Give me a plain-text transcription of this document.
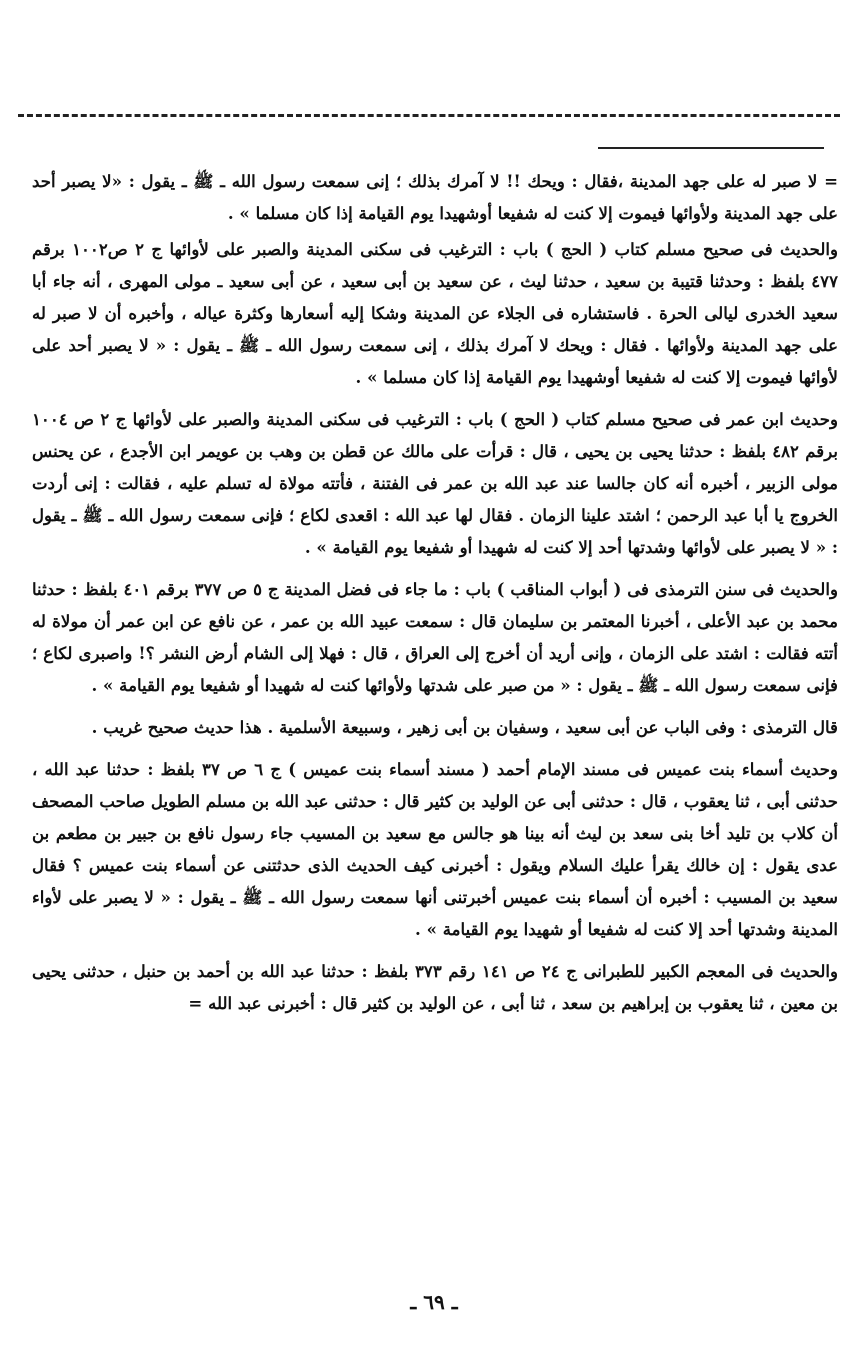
= لا صبر له على جهد المدينة ،فقال : ويحك !! لا آمرك بذلك ؛ إنى سمعت رسول الله ـ ﷺ ـ يقول : «لا يصبر أحد على جهد المدينة ولأوائها فيموت إلا كنت له شفيعا أوشهيدا يوم القيامة إذا كان مسلما » .

والحديث فى صحيح مسلم كتاب ( الحج ) باب : الترغيب فى سكنى المدينة والصبر على لأوائها ج ٢ ص١٠٠٢ برقم ٤٧٧ بلفظ : وحدثنا قتيبة بن سعيد ، حدثنا ليث ، عن سعيد بن أبى سعيد ، عن أبى سعيد ـ مولى المهرى ، أنه جاء أبا سعيد الخدرى ليالى الحرة . فاستشاره فى الجلاء عن المدينة وشكا إليه أسعارها وكثرة عياله ، وأخبره أن لا صبر له على جهد المدينة ولأوائها . فقال : ويحك لا آمرك بذلك ، إنى سمعت رسول الله ـ ﷺ ـ يقول : « لا يصبر أحد على لأوائها فيموت إلا كنت له شفيعا أوشهيدا يوم القيامة إذا كان مسلما » .

وحديث ابن عمر فى صحيح مسلم كتاب ( الحج ) باب : الترغيب فى سكنى المدينة والصبر على لأوائها ج ٢ ص ١٠٠٤ برقم ٤٨٢ بلفظ : حدثنا يحيى بن يحيى ، قال : قرأت على مالك عن قطن بن وهب بن عويمر ابن الأجدع ، عن يحنس مولى الزبير ، أخبره أنه كان جالسا عند عبد الله بن عمر فى الفتنة ، فأتته مولاة له تسلم عليه ، فقالت : إنى أردت الخروج يا أبا عبد الرحمن ؛ اشتد علينا الزمان . فقال لها عبد الله : اقعدى لكاع ؛ فإنى سمعت رسول الله ـ ﷺ ـ يقول : « لا يصبر على لأوائها وشدتها أحد إلا كنت له شهيدا أو شفيعا يوم القيامة » .

والحديث فى سنن الترمذى فى ( أبواب المناقب ) باب : ما جاء فى فضل المدينة ج ٥ ص ٣٧٧ برقم ٤٠١ بلفظ : حدثنا محمد بن عبد الأعلى ، أخبرنا المعتمر بن سليمان قال : سمعت عبيد الله بن عمر ، عن نافع عن ابن عمر أن مولاة له أتته فقالت : اشتد على الزمان ، وإنى أريد أن أخرج إلى العراق ، قال : فهلا إلى الشام أرض النشر ؟! واصبرى لكاع ؛ فإنى سمعت رسول الله ـ ﷺ ـ يقول : « من صبر على شدتها ولأوائها كنت له شهيدا أو شفيعا يوم القيامة » .

قال الترمذى : وفى الباب عن أبى سعيد ، وسفيان بن أبى زهير ، وسبيعة الأسلمية . هذا حديث صحيح غريب .

وحديث أسماء بنت عميس فى مسند الإمام أحمد ( مسند أسماء بنت عميس ) ج ٦ ص ٣٧ بلفظ : حدثنا عبد الله ، حدثنى أبى ، ثنا يعقوب ، قال : حدثنى أبى عن الوليد بن كثير قال : حدثنى عبد الله بن مسلم الطويل صاحب المصحف أن كلاب بن تليد أخا بنى سعد بن ليث أنه بينا هو جالس مع سعيد بن المسيب جاء رسول نافع بن جبير بن مطعم بن عدى يقول : إن خالك يقرأ عليك السلام ويقول : أخبرنى كيف الحديث الذى حدثتنى عن أسماء بنت عميس ؟ فقال سعيد بن المسيب : أخبره أن أسماء بنت عميس أخبرتنى أنها سمعت رسول الله ـ ﷺ ـ يقول : « لا يصبر على لأواء المدينة وشدتها أحد إلا كنت له شفيعا أو شهيدا يوم القيامة » .

والحديث فى المعجم الكبير للطبرانى ج ٢٤ ص ١٤١ رقم ٣٧٣ بلفظ : حدثنا عبد الله بن أحمد بن حنبل ، حدثنى يحيى بن معين ، ثنا يعقوب بن إبراهيم بن سعد ، ثنا أبى ، عن الوليد بن كثير قال : أخبرنى عبد الله =

ـ ٦٩ ـ
